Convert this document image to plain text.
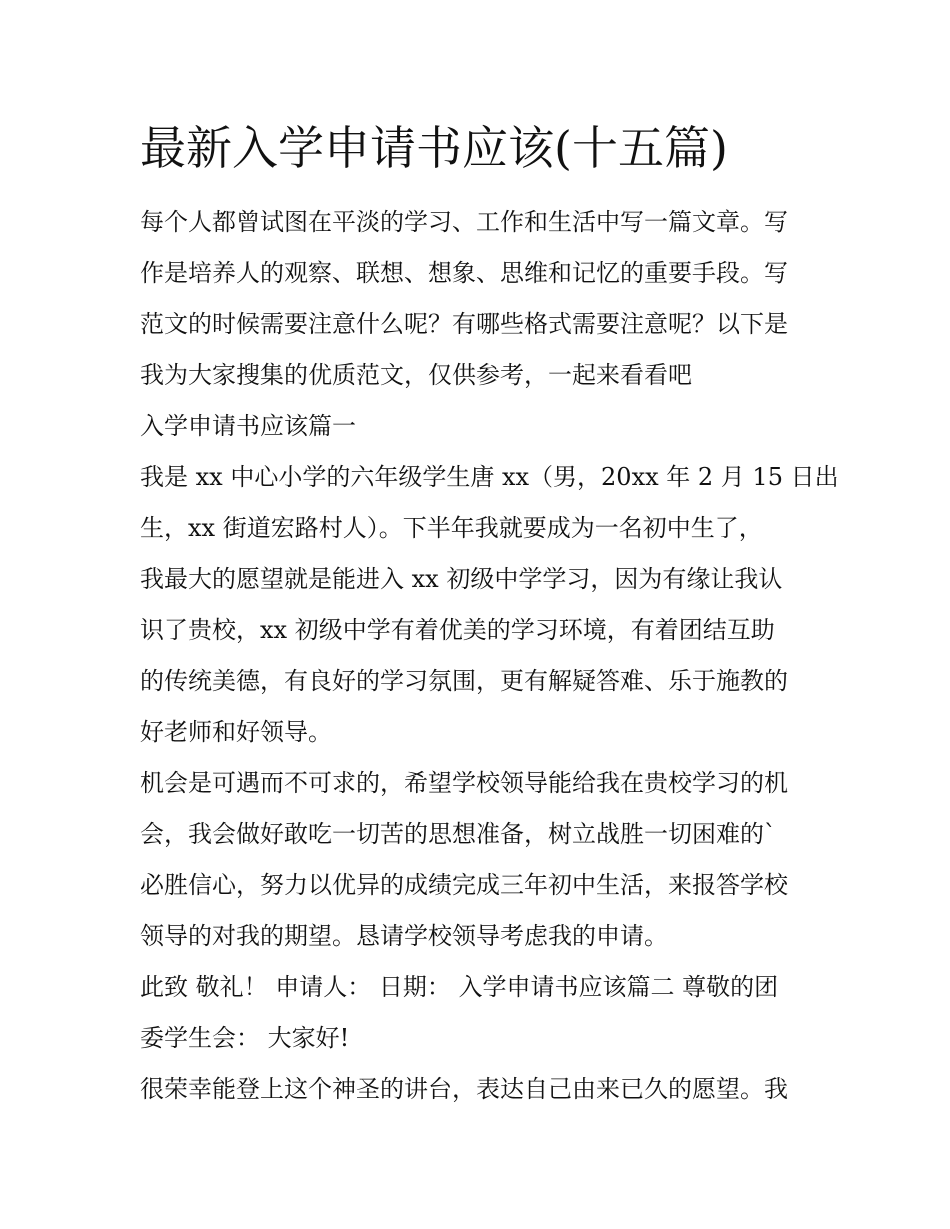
最新入学申请书应该(十五篇)

每个人都曾试图在平淡的学习、工作和生活中写一篇文章。写

作是培养人的观察、联想、想象、思维和记忆的重要手段。写

范文的时候需要注意什么呢？有哪些格式需要注意呢？以下是

我为大家搜集的优质范文，仅供参考，一起来看看吧

入学申请书应该篇一

我是 xx 中心小学的六年级学生唐 xx（男，20xx 年 2 月 15 日出

生，xx 街道宏路村人）。下半年我就要成为一名初中生了，

我最大的愿望就是能进入 xx 初级中学学习，因为有缘让我认

识了贵校，xx 初级中学有着优美的学习环境，有着团结互助

的传统美德，有良好的学习氛围，更有解疑答难、乐于施教的

好老师和好领导。

机会是可遇而不可求的，希望学校领导能给我在贵校学习的机

会，我会做好敢吃一切苦的思想准备，树立战胜一切困难的`

必胜信心，努力以优异的成绩完成三年初中生活，来报答学校

领导的对我的期望。恳请学校领导考虑我的申请。

此致 敬礼！ 申请人： 日期： 入学申请书应该篇二 尊敬的团

委学生会： 大家好!

很荣幸能登上这个神圣的讲台，表达自己由来已久的愿望。我
